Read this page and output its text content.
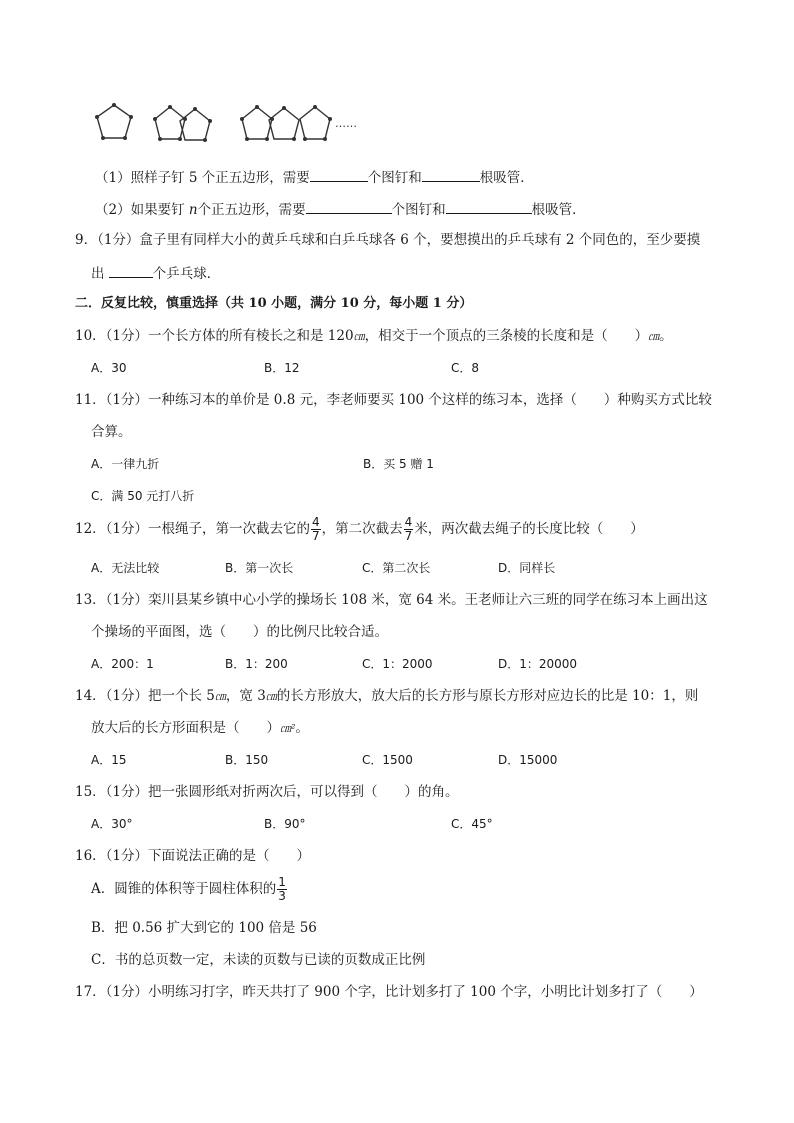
……
（1）照样子钉 5 个正五边形，需要	个图钉和	根吸管．
（2）如果要钉 n个正五边形，需要	个图钉和	根吸管．
9．（1分）盒子里有同样大小的黄乒乓球和白乒乓球各 6 个，要想摸出的乒乓球有 2 个同色的，至少要摸
出	个乒乓球．
二．反复比较，慎重选择（共 10 小题，满分 10 分，每小题 1 分）
10．（1分）一个长方体的所有棱长之和是 120㎝，相交于一个顶点的三条棱的长度和是（　　）㎝。
A．30	B．12	C．8
11．（1分）一种练习本的单价是 0.8 元，李老师要买 100 个这样的练习本，选择（　　）种购买方式比较
合算。
A．一律九折	B．买 5 赠 1
C．满 50 元打八折
12．（1分）一根绳子，第一次截去它的 $\frac{4}{7}$ ，第二次截去 $\frac{4}{7}$ 米，两次截去绳子的长度比较（　　）
A．无法比较	B．第一次长	C．第二次长	D．同样长
13．（1分）栾川县某乡镇中心小学的操场长 108 米，宽 64 米。王老师让六三班的同学在练习本上画出这
个操场的平面图，选（　　）的比例尺比较合适。
A．200：1	B．1：200	C．1：2000	D．1：20000
14．（1分）把一个长 5㎝，宽 3㎝的长方形放大，放大后的长方形与原长方形对应边长的比是 10：1，则
放大后的长方形面积是（　　）㎝²。
A．15	B．150	C．1500	D．15000
15．（1分）把一张圆形纸对折两次后，可以得到（　　）的角。
A．30°	B．90°	C．45°
16．（1分）下面说法正确的是（　　）
A．圆锥的体积等于圆柱体积的 $\frac{1}{3}$
B．把 0.56 扩大到它的 100 倍是 56
C．书的总页数一定，未读的页数与已读的页数成正比例
17．（1分）小明练习打字，昨天共打了 900 个字，比计划多打了 100 个字，小明比计划多打了（　　）
